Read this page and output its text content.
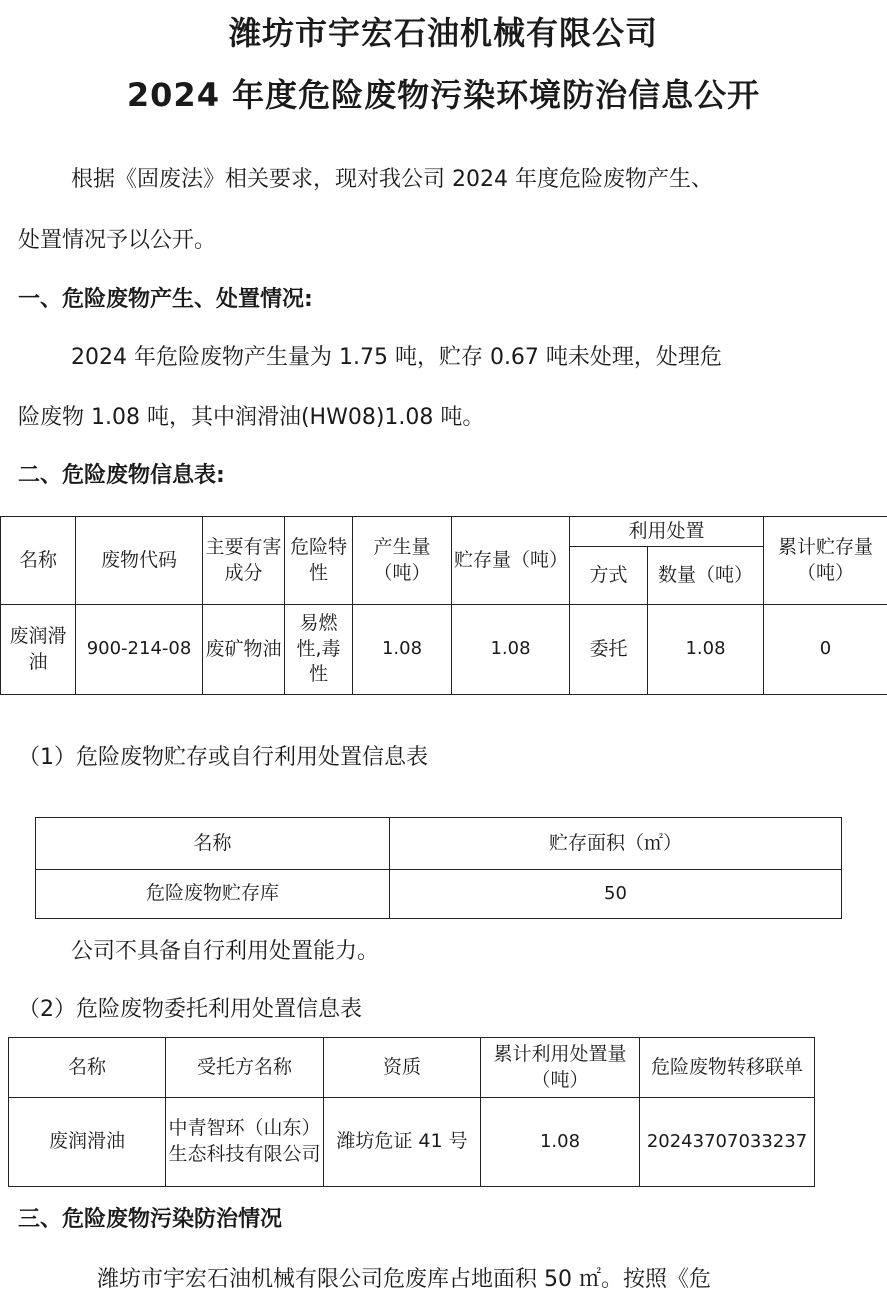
潍坊市宇宏石油机械有限公司
2024 年度危险废物污染环境防治信息公开
根据《固废法》相关要求，现对我公司 2024 年度危险废物产生、
处置情况予以公开。
一、危险废物产生、处置情况:
2024 年危险废物产生量为 1.75 吨，贮存 0.67 吨未处理，处理危
险废物 1.08 吨，其中润滑油(HW08)1.08 吨。
二、危险废物信息表:
名称	废物代码	主要有害成分	危险特性	产生量（吨）	贮存量（吨）	利用处置		累计贮存量（吨）
						方式	数量（吨）	
废润滑油	900-214-08	废矿物油	易燃性,毒性	1.08	1.08	委托	1.08	0
（1）危险废物贮存或自行利用处置信息表
名称	贮存面积（㎡）
危险废物贮存库	50
公司不具备自行利用处置能力。
（2）危险废物委托利用处置信息表
名称	受托方名称	资质	累计利用处置量（吨）	危险废物转移联单
废润滑油	中青智环（山东）生态科技有限公司	潍坊危证 41 号	1.08	20243707033237
三、危险废物污染防治情况
潍坊市宇宏石油机械有限公司危废库占地面积 50 ㎡。按照《危
